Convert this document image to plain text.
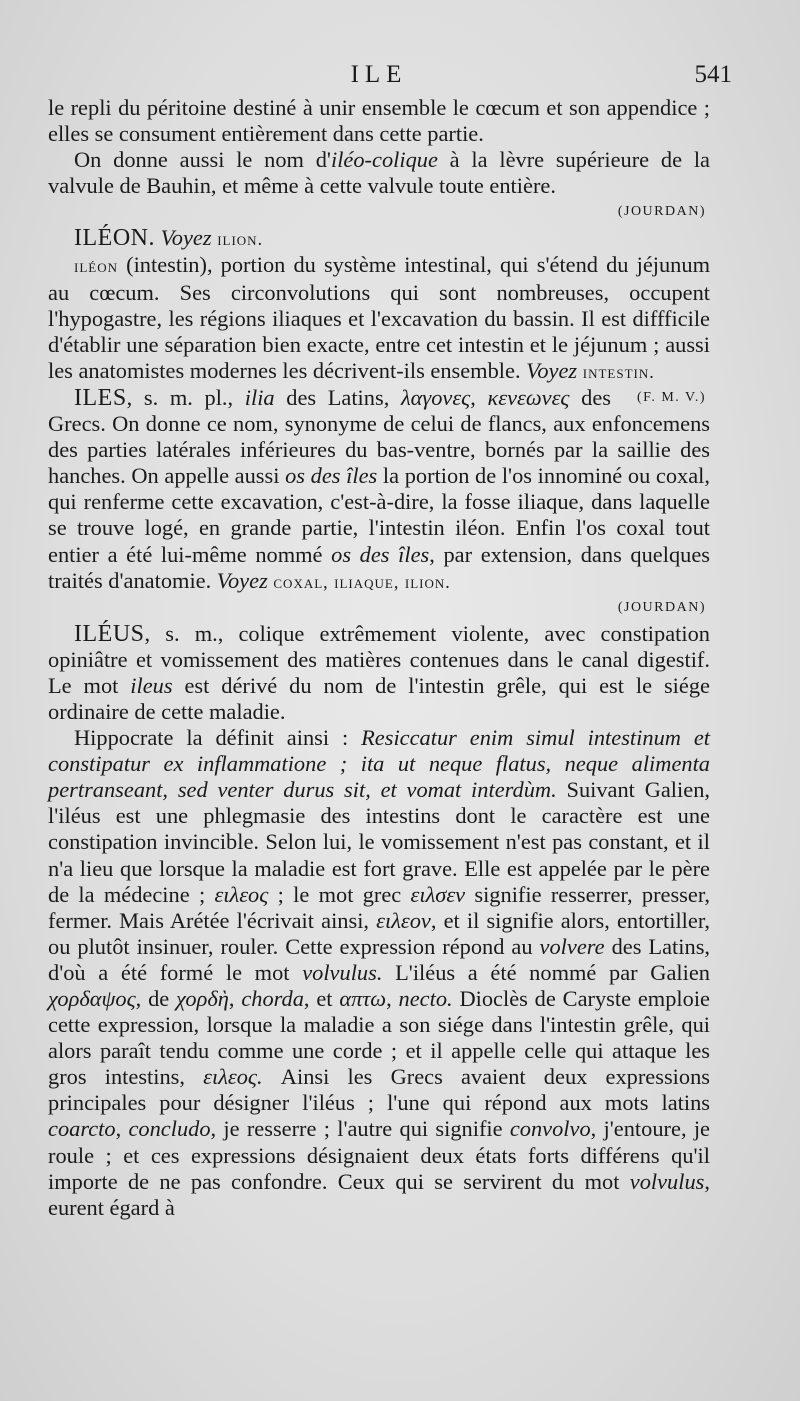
ILE	541

le repli du péritoine destiné à unir ensemble le cœcum et son appendice ; elles se consument entièrement dans cette partie.

On donne aussi le nom d'iléo-colique à la lèvre supérieure de la valvule de Bauhin, et même à cette valvule toute entière.

(JOURDAN)

ILÉON. Voyez ilion.

iléon (intestin), portion du système intestinal, qui s'étend du jéjunum au cœcum. Ses circonvolutions qui sont nombreuses, occupent l'hypogastre, les régions iliaques et l'excavation du bassin. Il est diffficile d'établir une séparation bien exacte, entre cet intestin et le jéjunum ; aussi les anatomistes modernes les décrivent-ils ensemble. Voyez intestin.
(F. M. V.)

ILES, s. m. pl., ilia des Latins, λαγονες, κενεωνες des Grecs. On donne ce nom, synonyme de celui de flancs, aux enfoncemens des parties latérales inférieures du bas-ventre, bornés par la saillie des hanches. On appelle aussi os des îles la portion de l'os innominé ou coxal, qui renferme cette excavation, c'est-à-dire, la fosse iliaque, dans laquelle se trouve logé, en grande partie, l'intestin iléon. Enfin l'os coxal tout entier a été lui-même nommé os des îles, par extension, dans quelques traités d'anatomie. Voyez coxal, iliaque, ilion.

(JOURDAN)

ILÉUS, s. m., colique extrêmement violente, avec constipation opiniâtre et vomissement des matières contenues dans le canal digestif. Le mot ileus est dérivé du nom de l'intestin grêle, qui est le siége ordinaire de cette maladie.

Hippocrate la définit ainsi : Resiccatur enim simul intestinum et constipatur ex inflammatione ; ita ut neque flatus, neque alimenta pertranseant, sed venter durus sit, et vomat interdùm. Suivant Galien, l'iléus est une phlegmasie des intestins dont le caractère est une constipation invincible. Selon lui, le vomissement n'est pas constant, et il n'a lieu que lorsque la maladie est fort grave. Elle est appelée par le père de la médecine ; ειλεος ; le mot grec ειλσεν signifie resserrer, presser, fermer. Mais Arétée l'écrivait ainsi, ειλεον, et il signifie alors, entortiller, ou plutôt insinuer, rouler. Cette expression répond au volvere des Latins, d'où a été formé le mot volvulus. L'iléus a été nommé par Galien χορδαψος, de χορδὴ, chorda, et απτω, necto. Dioclès de Caryste emploie cette expression, lorsque la maladie a son siége dans l'intestin grêle, qui alors paraît tendu comme une corde ; et il appelle celle qui attaque les gros intestins, ειλεος. Ainsi les Grecs avaient deux expressions principales pour désigner l'iléus ; l'une qui répond aux mots latins coarcto, concludo, je resserre ; l'autre qui signifie convolvo, j'entoure, je roule ; et ces expressions désignaient deux états forts différens qu'il importe de ne pas confondre. Ceux qui se servirent du mot volvulus, eurent égard à
